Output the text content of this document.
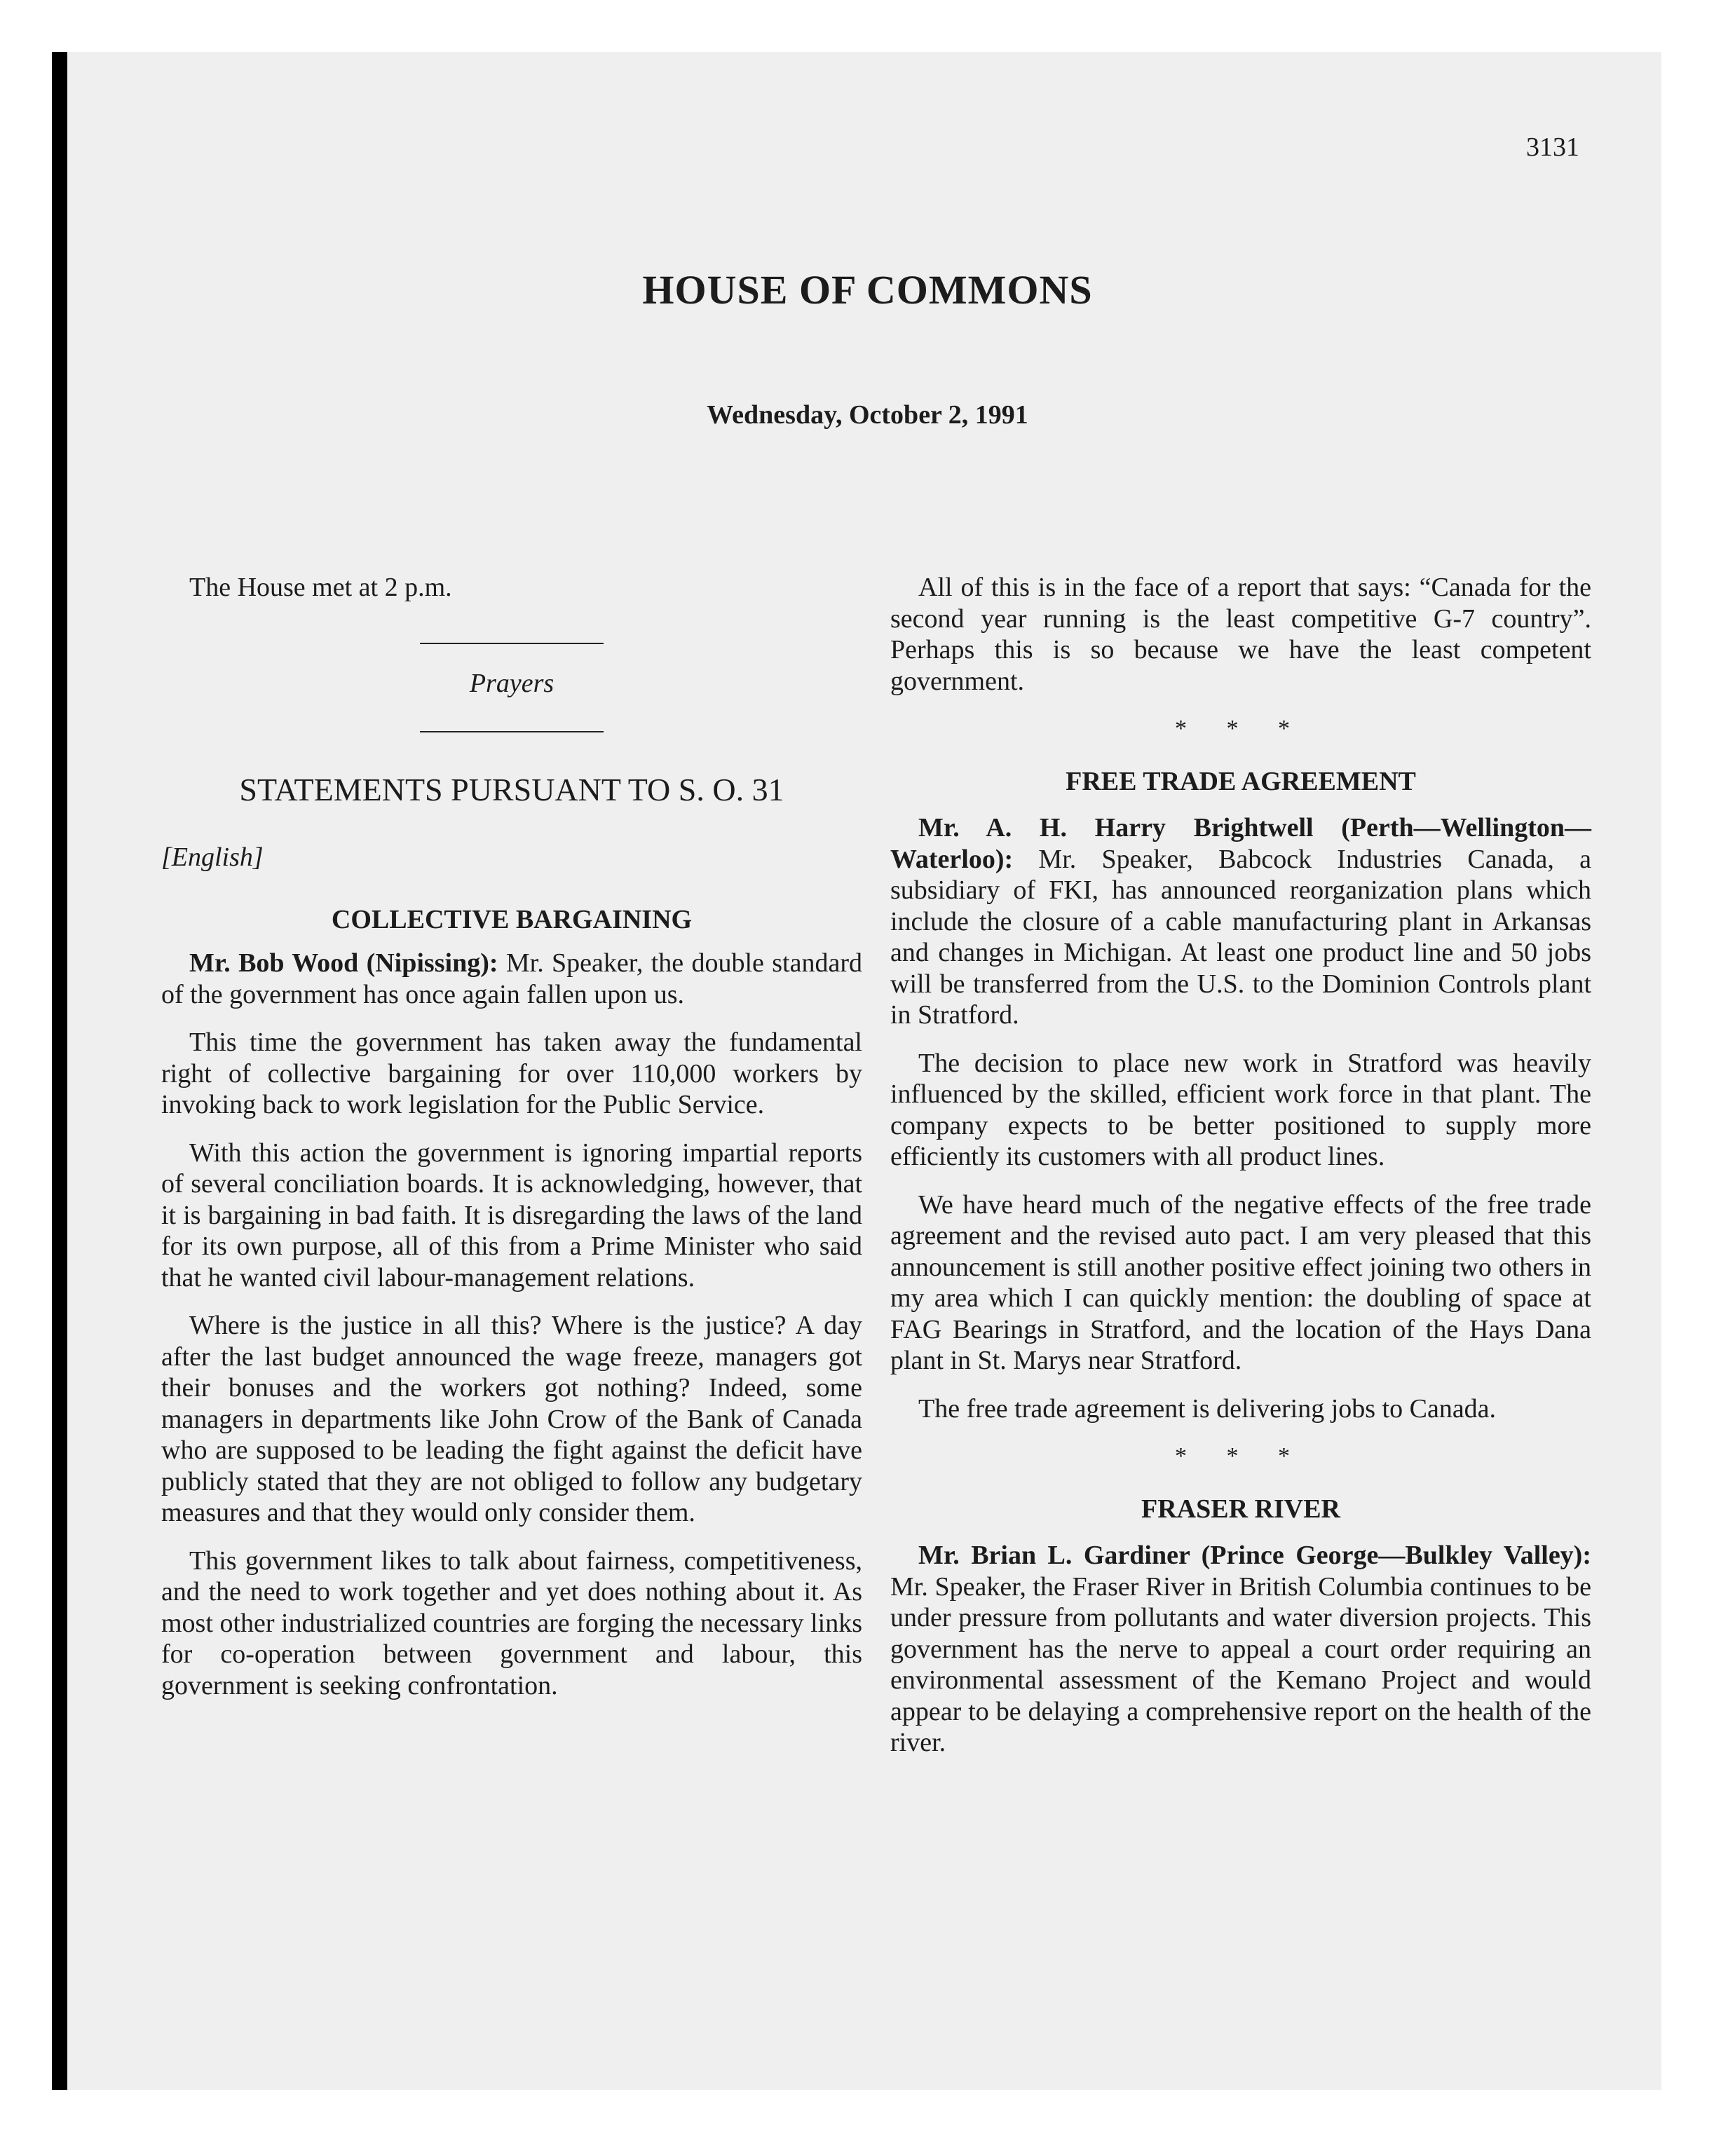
3131
HOUSE OF COMMONS
Wednesday, October 2, 1991

The House met at 2 p.m.

Prayers
STATEMENTS PURSUANT TO S. O. 31
[English]
COLLECTIVE BARGAINING

Mr. Bob Wood (Nipissing): Mr. Speaker, the double standard of the government has once again fallen upon us.

This time the government has taken away the fundamental right of collective bargaining for over 110,000 workers by invoking back to work legislation for the Public Service.

With this action the government is ignoring impartial reports of several conciliation boards. It is acknowledging, however, that it is bargaining in bad faith. It is disregarding the laws of the land for its own purpose, all of this from a Prime Minister who said that he wanted civil labour-management relations.

Where is the justice in all this? Where is the justice? A day after the last budget announced the wage freeze, managers got their bonuses and the workers got nothing? Indeed, some managers in departments like John Crow of the Bank of Canada who are supposed to be leading the fight against the deficit have publicly stated that they are not obliged to follow any budgetary measures and that they would only consider them.

This government likes to talk about fairness, competitiveness, and the need to work together and yet does nothing about it. As most other industrialized countries are forging the necessary links for co-operation between government and labour, this government is seeking confrontation.

All of this is in the face of a report that says: “Canada for the second year running is the least competitive G-7 country”. Perhaps this is so because we have the least competent government.

* * *
FREE TRADE AGREEMENT

Mr. A. H. Harry Brightwell (Perth—Wellington—Waterloo): Mr. Speaker, Babcock Industries Canada, a subsidiary of FKI, has announced reorganization plans which include the closure of a cable manufacturing plant in Arkansas and changes in Michigan. At least one product line and 50 jobs will be transferred from the U.S. to the Dominion Controls plant in Stratford.

The decision to place new work in Stratford was heavily influenced by the skilled, efficient work force in that plant. The company expects to be better positioned to supply more efficiently its customers with all product lines.

We have heard much of the negative effects of the free trade agreement and the revised auto pact. I am very pleased that this announcement is still another positive effect joining two others in my area which I can quickly mention: the doubling of space at FAG Bearings in Stratford, and the location of the Hays Dana plant in St. Marys near Stratford.

The free trade agreement is delivering jobs to Canada.

* * *
FRASER RIVER

Mr. Brian L. Gardiner (Prince George—Bulkley Valley): Mr. Speaker, the Fraser River in British Columbia continues to be under pressure from pollutants and water diversion projects. This government has the nerve to appeal a court order requiring an environmental assessment of the Kemano Project and would appear to be delaying a comprehensive report on the health of the river.
